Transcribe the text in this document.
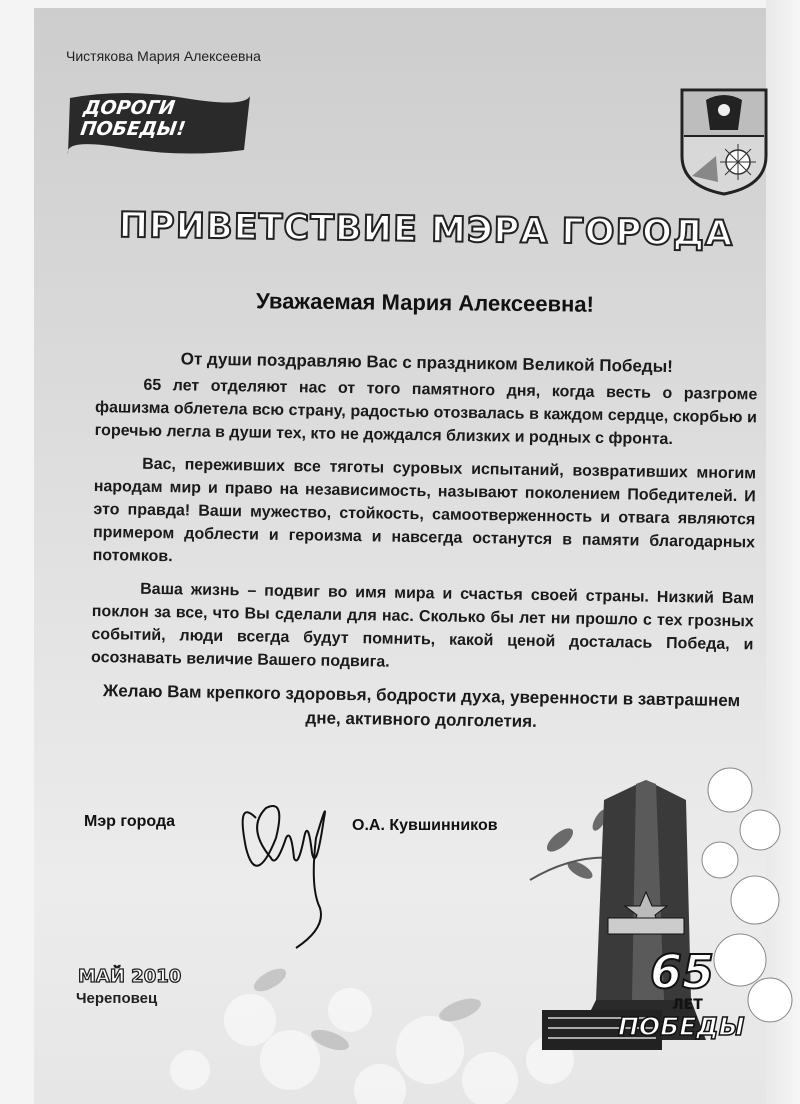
Чистякова Мария Алексеевна
ДОРОГИ
ПОБЕДЫ!
ПРИВЕТСТВИЕ МЭРА ГОРОДА
Уважаемая Мария Алексеевна!

От души поздравляю Вас с праздником Великой Победы!

65 лет отделяют нас от того памятного дня, когда весть о разгроме фашизма облетела всю страну, радостью отозвалась в каждом сердце, скорбью и горечью легла в души тех, кто не дождался близких и родных с фронта.

Вас, переживших все тяготы суровых испытаний, возвративших многим народам мир и право на независимость, называют поколением Победителей. И это правда! Ваши мужество, стойкость, самоотверженность и отвага являются примером доблести и героизма и навсегда останутся в памяти благодарных потомков.

Ваша жизнь – подвиг во имя мира и счастья своей страны. Низкий Вам поклон за все, что Вы сделали для нас. Сколько бы лет ни прошло с тех грозных событий, люди всегда будут помнить, какой ценой досталась Победа, и осознавать величие Вашего подвига.

Желаю Вам крепкого здоровья, бодрости духа, уверенности в завтрашнем дне, активного долголетия.

Мэр города	О.А. Кувшинников
65
ЛЕТ
ПОБЕДЫ
МАЙ 2010
Череповец
